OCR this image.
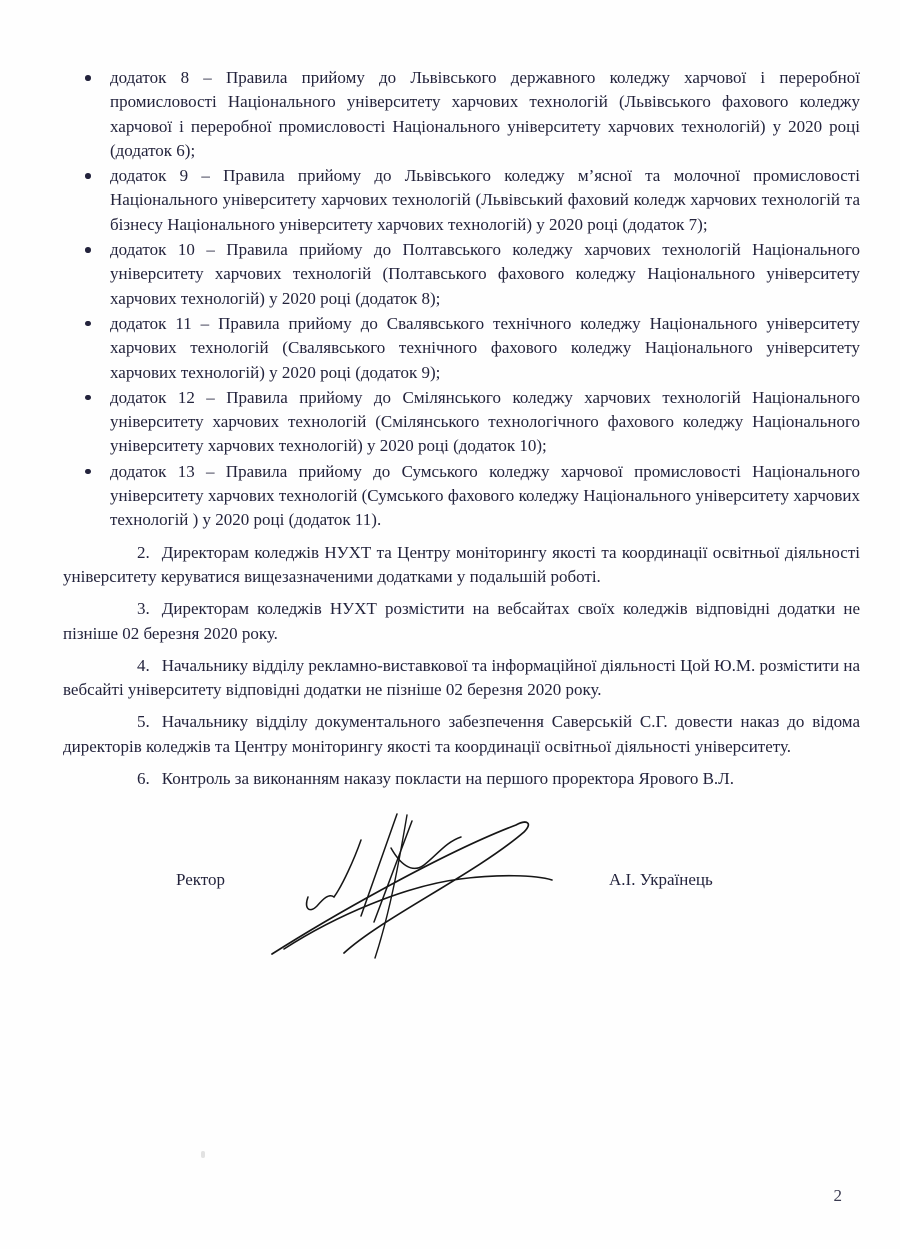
додаток 8 – Правила прийому до Львівського державного коледжу харчової і переробної промисловості Національного університету харчових технологій (Львівського фахового коледжу харчової і переробної промисловості Національного університету харчових технологій) у 2020 році (додаток 6);
додаток 9 – Правила прийому до Львівського коледжу м’ясної та молочної промисловості Національного університету харчових технологій (Львівський фаховий коледж харчових технологій та бізнесу Національного університету харчових технологій) у 2020 році (додаток 7);
додаток 10 – Правила прийому до Полтавського коледжу харчових технологій Національного університету харчових технологій (Полтавського фахового коледжу Національного університету харчових технологій) у 2020 році (додаток 8);
додаток 11 – Правила прийому до Свалявського технічного коледжу Національного університету харчових технологій (Свалявського технічного фахового коледжу Національного університету харчових технологій) у 2020 році (додаток 9);
додаток 12 – Правила прийому до Смілянського коледжу харчових технологій Національного університету харчових технологій (Смілянського технологічного фахового коледжу Національного університету харчових технологій) у 2020 році (додаток 10);
додаток 13 – Правила прийому до Сумського коледжу харчової промисловості Національного університету харчових технологій (Сумського фахового коледжу Національного університету харчових технологій ) у 2020 році (додаток 11).

2. Директорам коледжів НУХТ та Центру моніторингу якості та координації освітньої діяльності університету керуватися вищезазначеними додатками у подальшій роботі.

3. Директорам коледжів НУХТ розмістити на вебсайтах своїх коледжів відповідні додатки не пізніше 02 березня 2020 року.

4. Начальнику відділу рекламно-виставкової та інформаційної діяльності Цой Ю.М. розмістити на вебсайті університету відповідні додатки не пізніше 02 березня 2020 року.

5. Начальнику відділу документального забезпечення Саверській С.Г. довести наказ до відома директорів коледжів та Центру моніторингу якості та координації освітньої діяльності університету.

6. Контроль за виконанням наказу покласти на першого проректора Ярового В.Л.

Ректор	А.І. Українець
2
